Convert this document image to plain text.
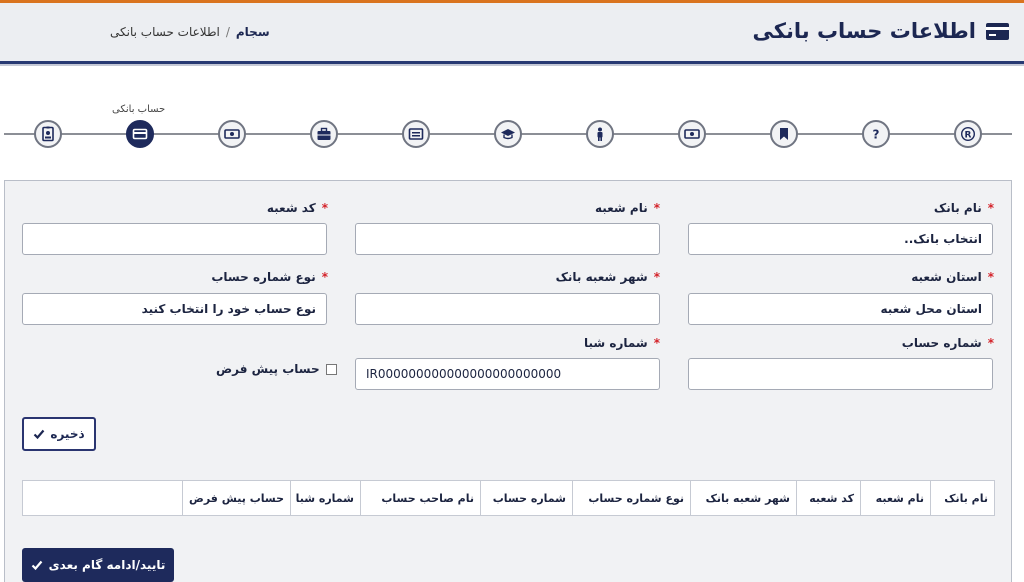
اطلاعات حساب بانکی
سجام/اطلاعات حساب بانکی
حساب بانکی
?	R
*نام بانک
انتخاب بانک..
*نام شعبه
*کد شعبه
*استان شعبه
استان محل شعبه
*شهر شعبه بانک
*نوع شماره حساب
نوع حساب خود را انتخاب کنید
*شماره حساب
*شماره شبا
IR000000000000000000000000
حساب پیش فرض
ذخیره
نام بانک	نام شعبه	کد شعبه	شهر شعبه بانک	نوع شماره حساب	شماره حساب	نام صاحب حساب	شماره شبا	حساب پیش فرض	
تایید/ادامه گام بعدی
